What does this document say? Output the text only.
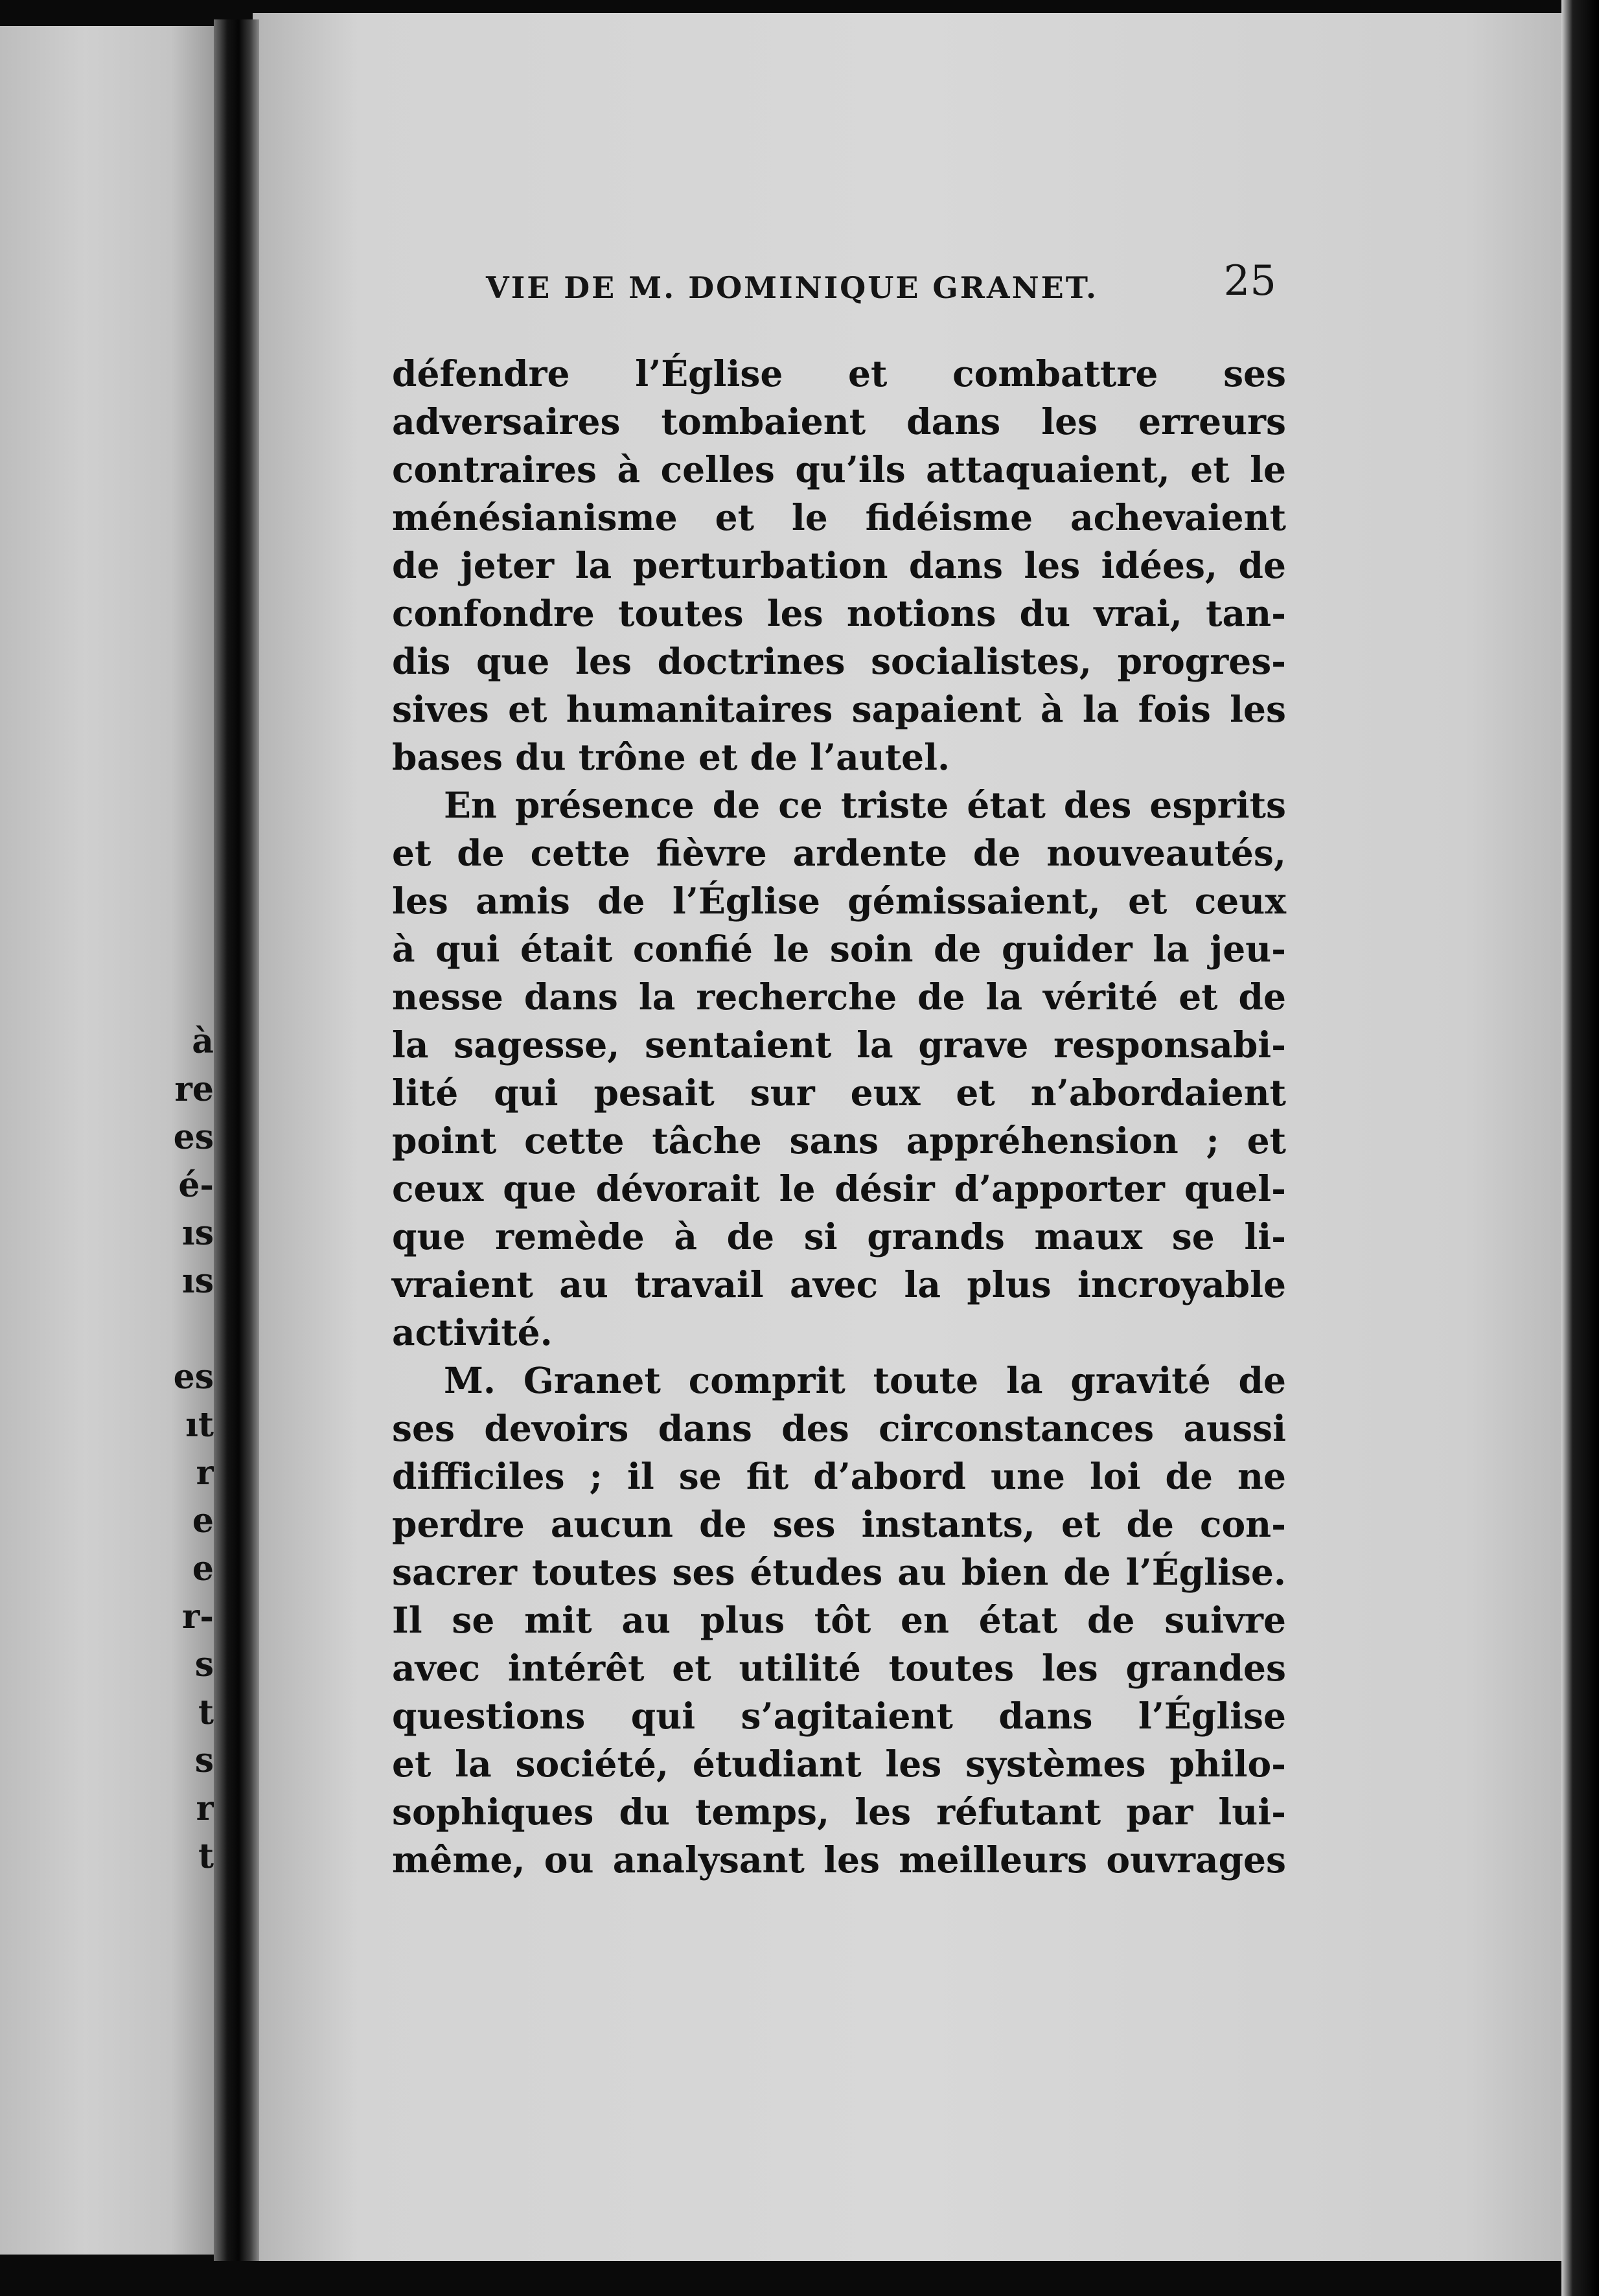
à
re
es
é-
ıs
ıs
es
ıt
r
e
e
r-
s
t
s
r
t
VIE DE M. DOMINIQUE GRANET.	25
défendre l’Église et combattre ses
adversaires tombaient dans les erreurs
contraires à celles qu’ils attaquaient, et le
ménésianisme et le fidéisme achevaient
de jeter la perturbation dans les idées, de
confondre toutes les notions du vrai, tan-
dis que les doctrines socialistes, progres-
sives et humanitaires sapaient à la fois les
bases du trône et de l’autel.
En présence de ce triste état des esprits
et de cette fièvre ardente de nouveautés,
les amis de l’Église gémissaient, et ceux
à qui était confié le soin de guider la jeu-
nesse dans la recherche de la vérité et de
la sagesse, sentaient la grave responsabi-
lité qui pesait sur eux et n’abordaient
point cette tâche sans appréhension ; et
ceux que dévorait le désir d’apporter quel-
que remède à de si grands maux se li-
vraient au travail avec la plus incroyable
activité.
M. Granet comprit toute la gravité de
ses devoirs dans des circonstances aussi
difficiles ; il se fit d’abord une loi de ne
perdre aucun de ses instants, et de con-
sacrer toutes ses études au bien de l’Église.
Il se mit au plus tôt en état de suivre
avec intérêt et utilité toutes les grandes
questions qui s’agitaient dans l’Église
et la société, étudiant les systèmes philo-
sophiques du temps, les réfutant par lui-
même, ou analysant les meilleurs ouvrages
